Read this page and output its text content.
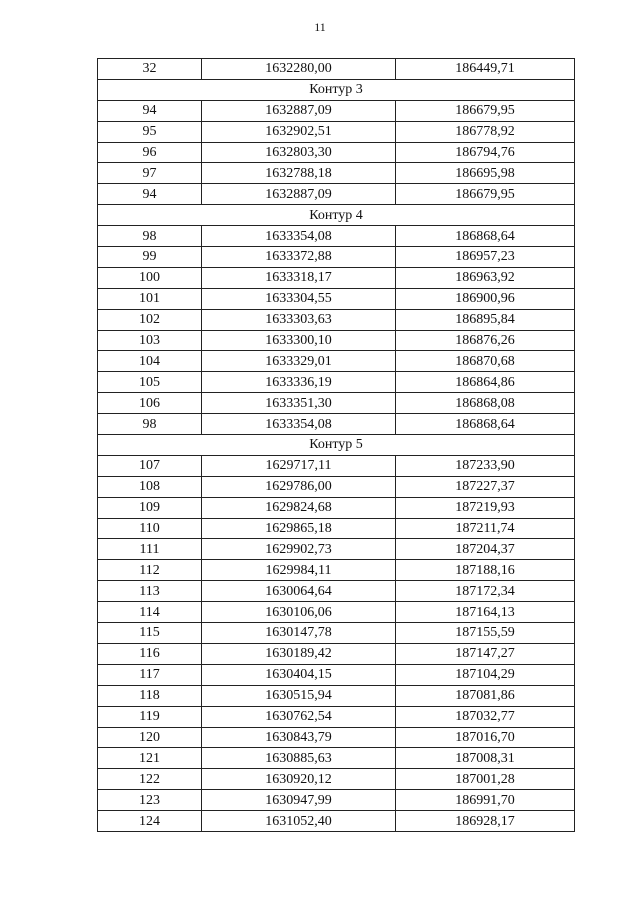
11
32	1632280,00	186449,71
Контур 3		
94	1632887,09	186679,95
95	1632902,51	186778,92
96	1632803,30	186794,76
97	1632788,18	186695,98
94	1632887,09	186679,95
Контур 4		
98	1633354,08	186868,64
99	1633372,88	186957,23
100	1633318,17	186963,92
101	1633304,55	186900,96
102	1633303,63	186895,84
103	1633300,10	186876,26
104	1633329,01	186870,68
105	1633336,19	186864,86
106	1633351,30	186868,08
98	1633354,08	186868,64
Контур 5		
107	1629717,11	187233,90
108	1629786,00	187227,37
109	1629824,68	187219,93
110	1629865,18	187211,74
111	1629902,73	187204,37
112	1629984,11	187188,16
113	1630064,64	187172,34
114	1630106,06	187164,13
115	1630147,78	187155,59
116	1630189,42	187147,27
117	1630404,15	187104,29
118	1630515,94	187081,86
119	1630762,54	187032,77
120	1630843,79	187016,70
121	1630885,63	187008,31
122	1630920,12	187001,28
123	1630947,99	186991,70
124	1631052,40	186928,17
